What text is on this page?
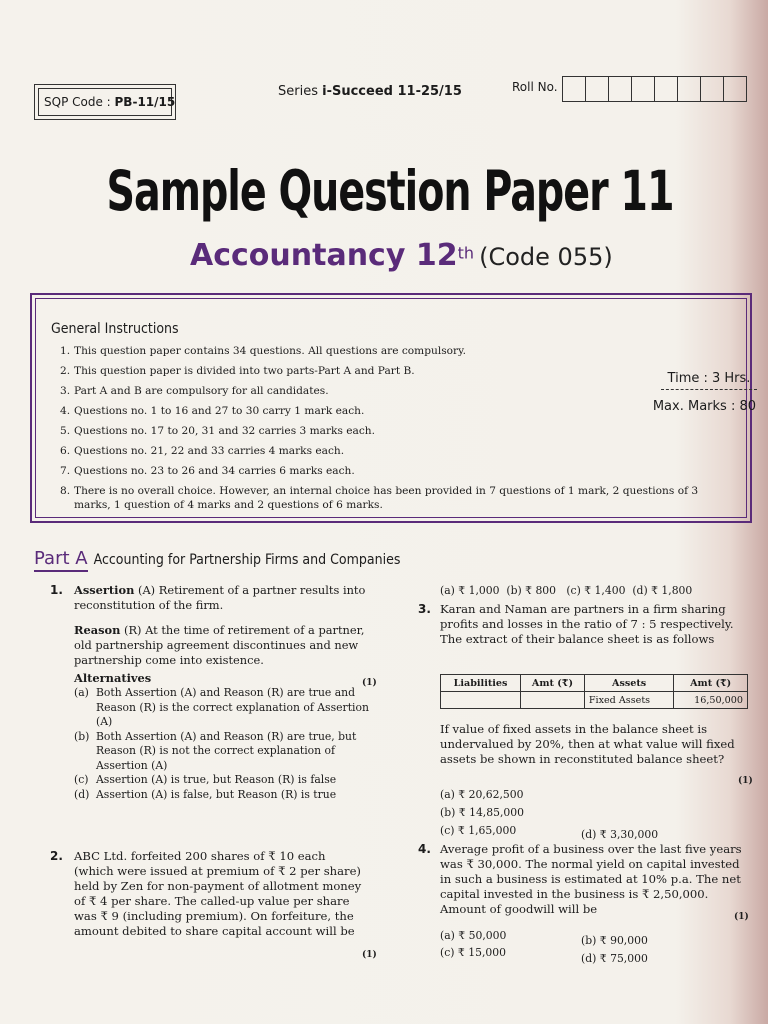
SQP Code : PB-11/15
Series i-Succeed 11-25/15	Roll No.
Sample Question Paper 11
Accountancy 12th (Code 055)
General Instructions
1. This question paper contains 34 questions. All questions are compulsory.
2. This question paper is divided into two parts-Part A and Part B.
3. Part A and B are compulsory for all candidates.
4. Questions no. 1 to 16 and 27 to 30 carry 1 mark each.
5. Questions no. 17 to 20, 31 and 32 carries 3 marks each.
6. Questions no. 21, 22 and 33 carries 4 marks each.
7. Questions no. 23 to 26 and 34 carries 6 marks each.
8. There is no overall choice. However, an internal choice has been provided in 7 questions of 1 mark, 2 questions of 3 marks, 1 question of 4 marks and 2 questions of 6 marks.
Time : 3 Hrs.
Max. Marks : 80
Part A Accounting for Partnership Firms and Companies
1. Assertion (A) Retirement of a partner results into reconstitution of the firm.
Reason (R) At the time of retirement of a partner, old partnership agreement discontinues and new partnership come into existence.
Alternatives
(a) Both Assertion (A) and Reason (R) are true and Reason (R) is the correct explanation of Assertion (A)
(b) Both Assertion (A) and Reason (R) are true, but Reason (R) is not the correct explanation of Assertion (A)
(c) Assertion (A) is true, but Reason (R) is false
(d) Assertion (A) is false, but Reason (R) is true
(1)
2. ABC Ltd. forfeited 200 shares of ₹ 10 each (which were issued at premium of ₹ 2 per share) held by Zen for non-payment of allotment money of ₹ 4 per share. The called-up value per share was ₹ 9 (including premium). On forfeiture, the amount debited to share capital account will be
(1)
(a) ₹ 1,000  (b) ₹ 800   (c) ₹ 1,400  (d) ₹ 1,800
3. Karan and Naman are partners in a firm sharing profits and losses in the ratio of 7 : 5 respectively. The extract of their balance sheet is as follows
Liabilities	Amt (₹)	Assets	Amt (₹)
		Fixed Assets	16,50,000
If value of fixed assets in the balance sheet is undervalued by 20%, then at what value will fixed assets be shown in reconstituted balance sheet?
(1)
(a) ₹ 20,62,500
(b) ₹ 14,85,000
(c) ₹ 1,65,000	(d) ₹ 3,30,000
4. Average profit of a business over the last five years was ₹ 30,000. The normal yield on capital invested in such a business is estimated at 10% p.a. The net capital invested in the business is ₹ 2,50,000. Amount of goodwill will be
(1)
(a) ₹ 50,000	(b) ₹ 90,000
(c) ₹ 15,000	(d) ₹ 75,000
